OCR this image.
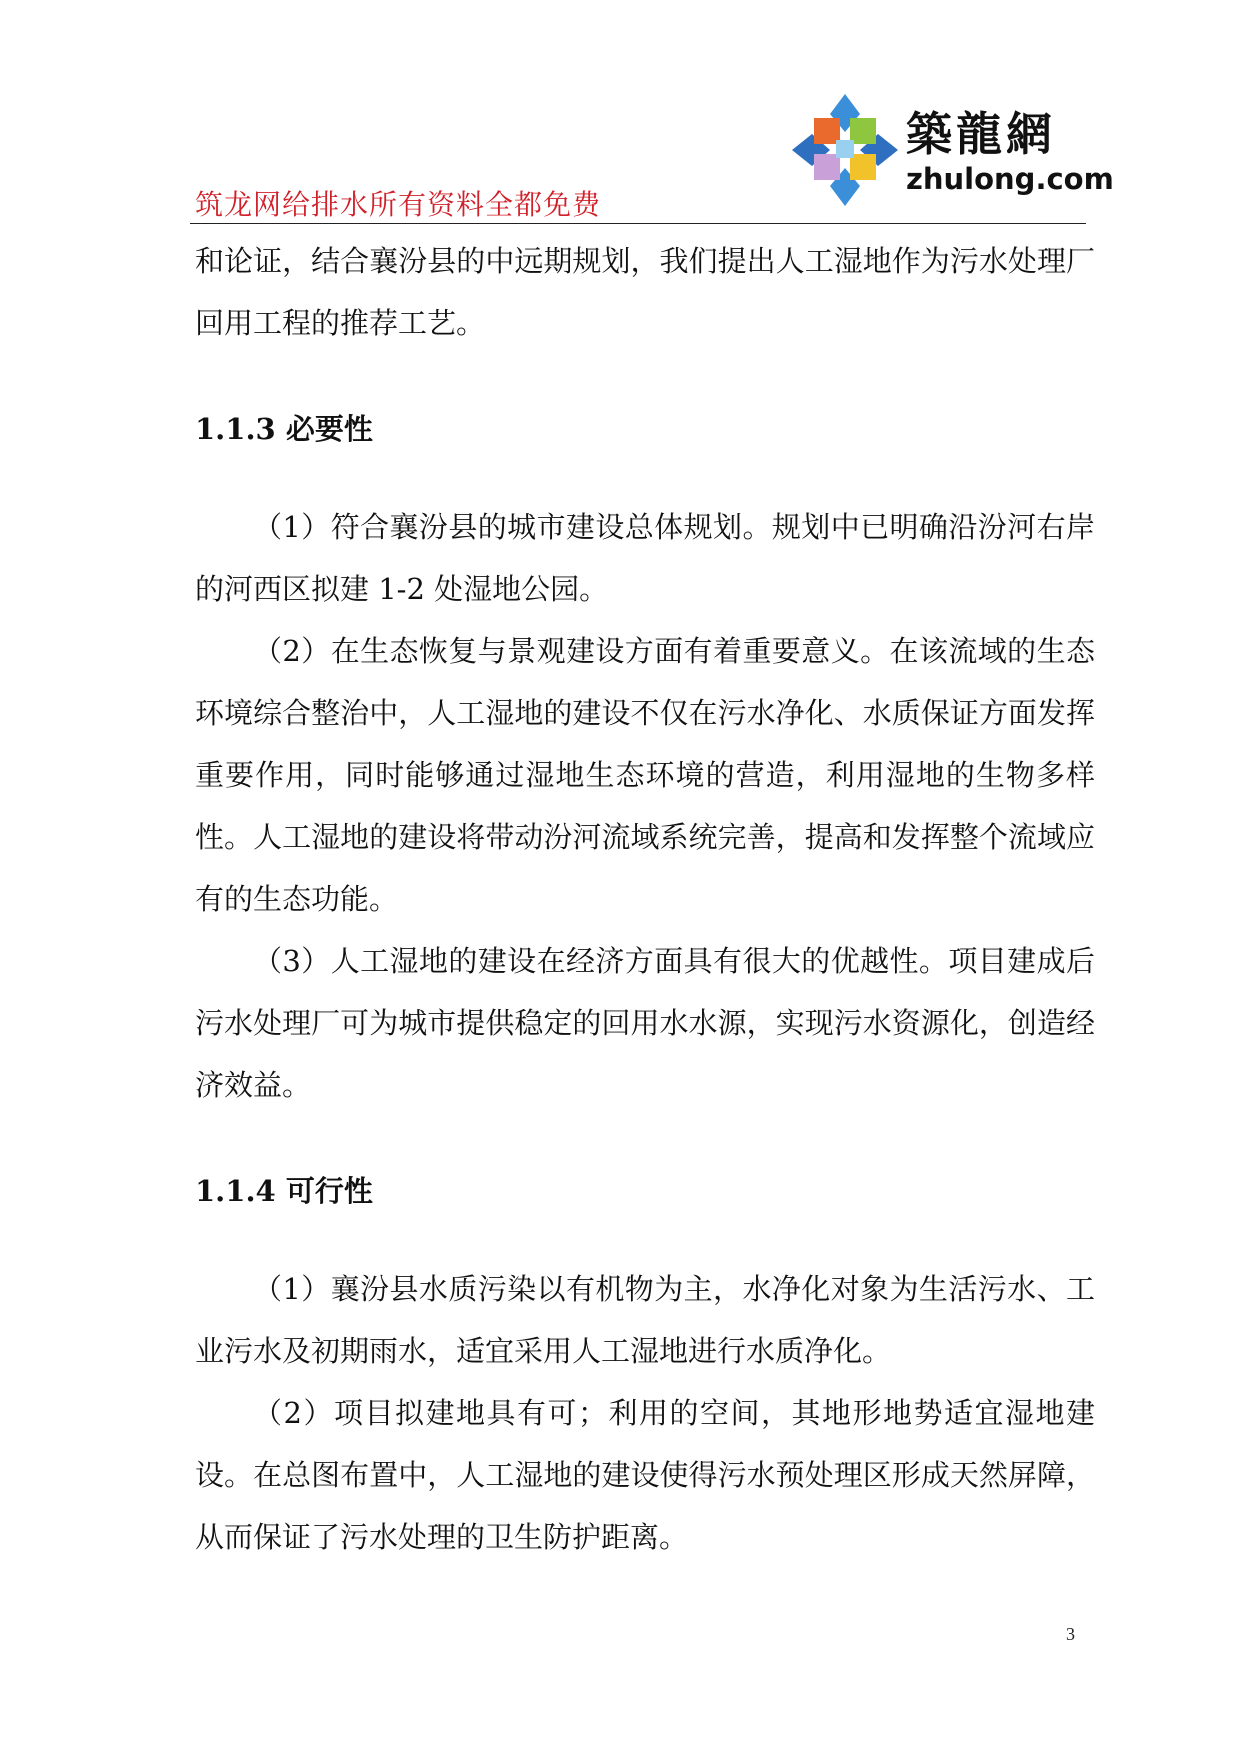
築龍網
zhulong.com
筑龙网给排水所有资料全都免费

和论证，结合襄汾县的中远期规划，我们提出人工湿地作为污水处理厂回用工程的推荐工艺。

1.1.3 必要性

（1）符合襄汾县的城市建设总体规划。规划中已明确沿汾河右岸的河西区拟建 1-2 处湿地公园。

（2）在生态恢复与景观建设方面有着重要意义。在该流域的生态环境综合整治中，人工湿地的建设不仅在污水净化、水质保证方面发挥重要作用，同时能够通过湿地生态环境的营造，利用湿地的生物多样性。人工湿地的建设将带动汾河流域系统完善，提高和发挥整个流域应有的生态功能。

（3）人工湿地的建设在经济方面具有很大的优越性。项目建成后污水处理厂可为城市提供稳定的回用水水源，实现污水资源化，创造经济效益。

1.1.4 可行性

（1）襄汾县水质污染以有机物为主，水净化对象为生活污水、工业污水及初期雨水，适宜采用人工湿地进行水质净化。

（2）项目拟建地具有可；利用的空间，其地形地势适宜湿地建设。在总图布置中，人工湿地的建设使得污水预处理区形成天然屏障，从而保证了污水处理的卫生防护距离。

3
